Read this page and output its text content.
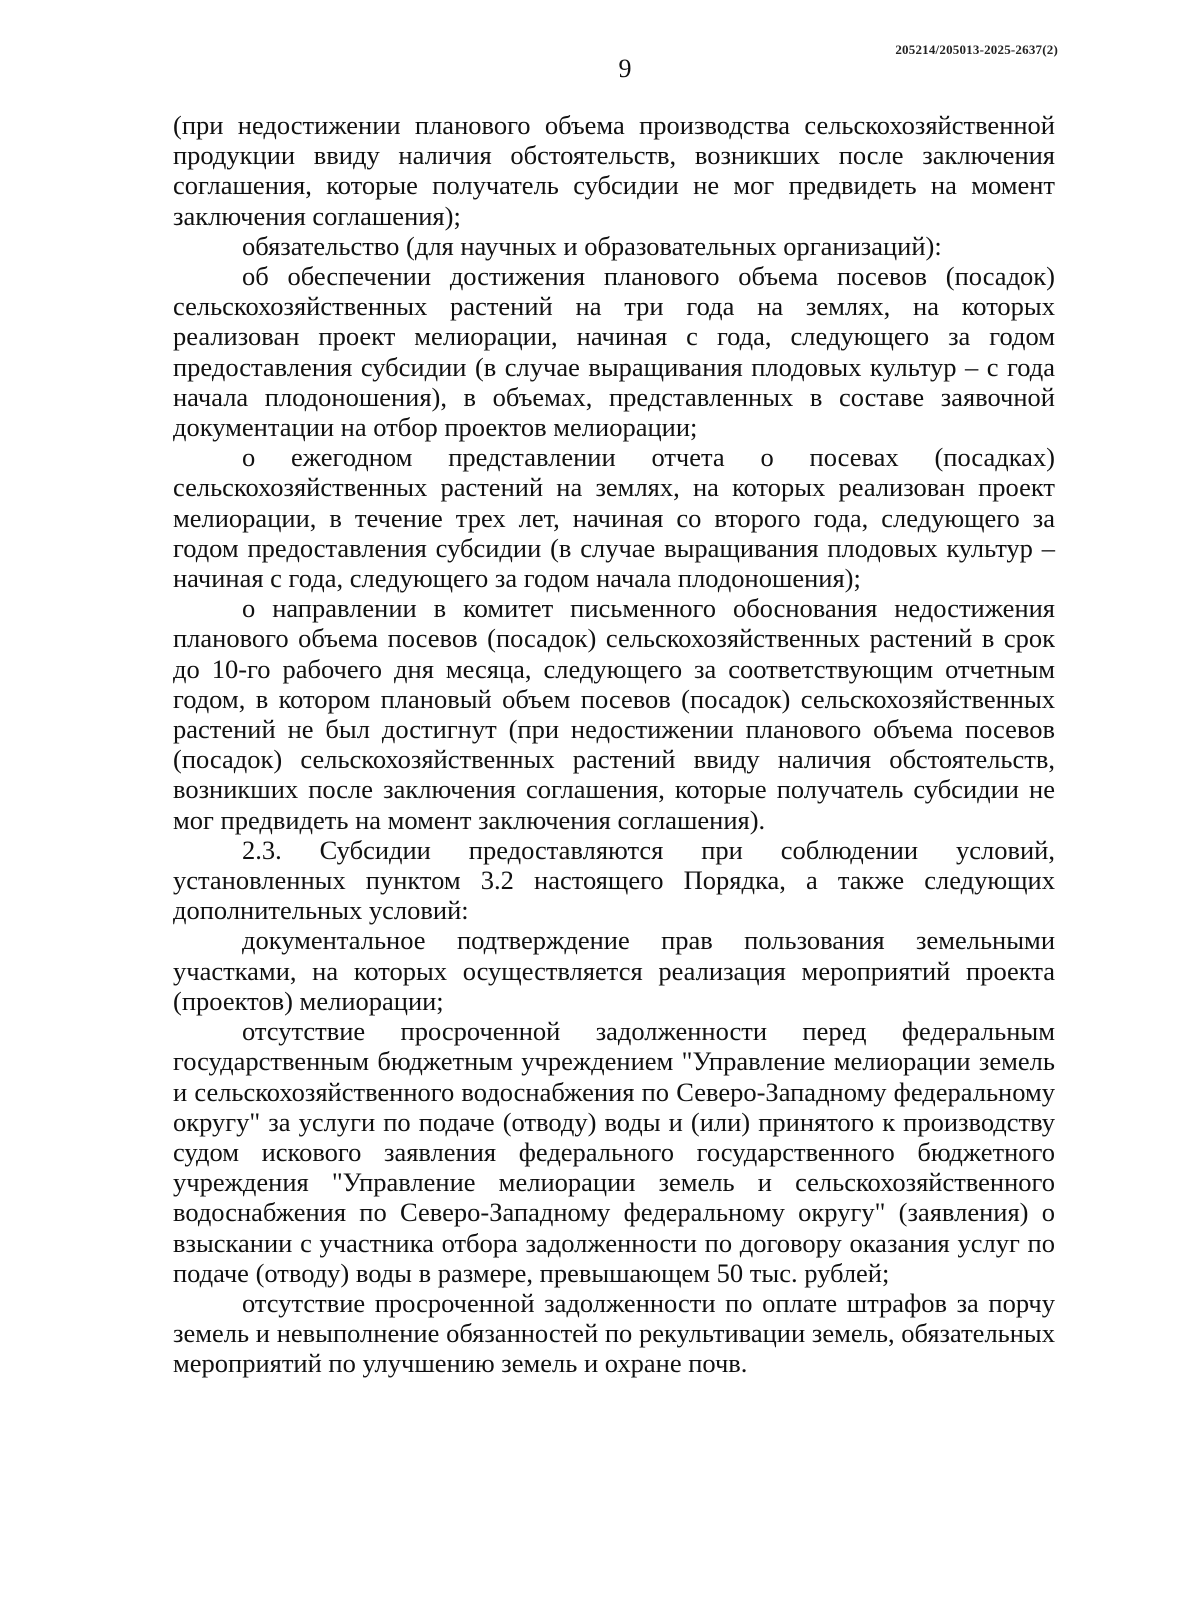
205214/205013-2025-2637(2)
9

(при недостижении планового объема производства сельскохозяйственной продукции ввиду наличия обстоятельств, возникших после заключения соглашения, которые получатель субсидии не мог предвидеть на момент заключения соглашения);

обязательство (для научных и образовательных организаций):

об обеспечении достижения планового объема посевов (посадок) сельскохозяйственных растений на три года на землях, на которых реализован проект мелиорации, начиная с года, следующего за годом предоставления субсидии (в случае выращивания плодовых культур – с года начала плодоношения), в объемах, представленных в составе заявочной документации на отбор проектов мелиорации;

о ежегодном представлении отчета о посевах (посадках) сельскохозяйственных растений на землях, на которых реализован проект мелиорации, в течение трех лет, начиная со второго года, следующего за годом предоставления субсидии (в случае выращивания плодовых культур – начиная с года, следующего за годом начала плодоношения);

о направлении в комитет письменного обоснования недостижения планового объема посевов (посадок) сельскохозяйственных растений в срок до 10-го рабочего дня месяца, следующего за соответствующим отчетным годом, в котором плановый объем посевов (посадок) сельскохозяйственных растений не был достигнут (при недостижении планового объема посевов (посадок) сельскохозяйственных растений ввиду наличия обстоятельств, возникших после заключения соглашения, которые получатель субсидии не мог предвидеть на момент заключения соглашения).

2.3. Субсидии предоставляются при соблюдении условий, установленных пунктом 3.2 настоящего Порядка, а также следующих дополнительных условий:

документальное подтверждение прав пользования земельными участками, на которых осуществляется реализация мероприятий проекта (проектов) мелиорации;

отсутствие просроченной задолженности перед федеральным государственным бюджетным учреждением "Управление мелиорации земель и сельскохозяйственного водоснабжения по Северо-Западному федеральному округу" за услуги по подаче (отводу) воды и (или) принятого к производству судом искового заявления федерального государственного бюджетного учреждения "Управление мелиорации земель и сельскохозяйственного водоснабжения по Северо-Западному федеральному округу" (заявления) о взыскании с участника отбора задолженности по договору оказания услуг по подаче (отводу) воды в размере, превышающем 50 тыс. рублей;

отсутствие просроченной задолженности по оплате штрафов за порчу земель и невыполнение обязанностей по рекультивации земель, обязательных мероприятий по улучшению земель и охране почв.
